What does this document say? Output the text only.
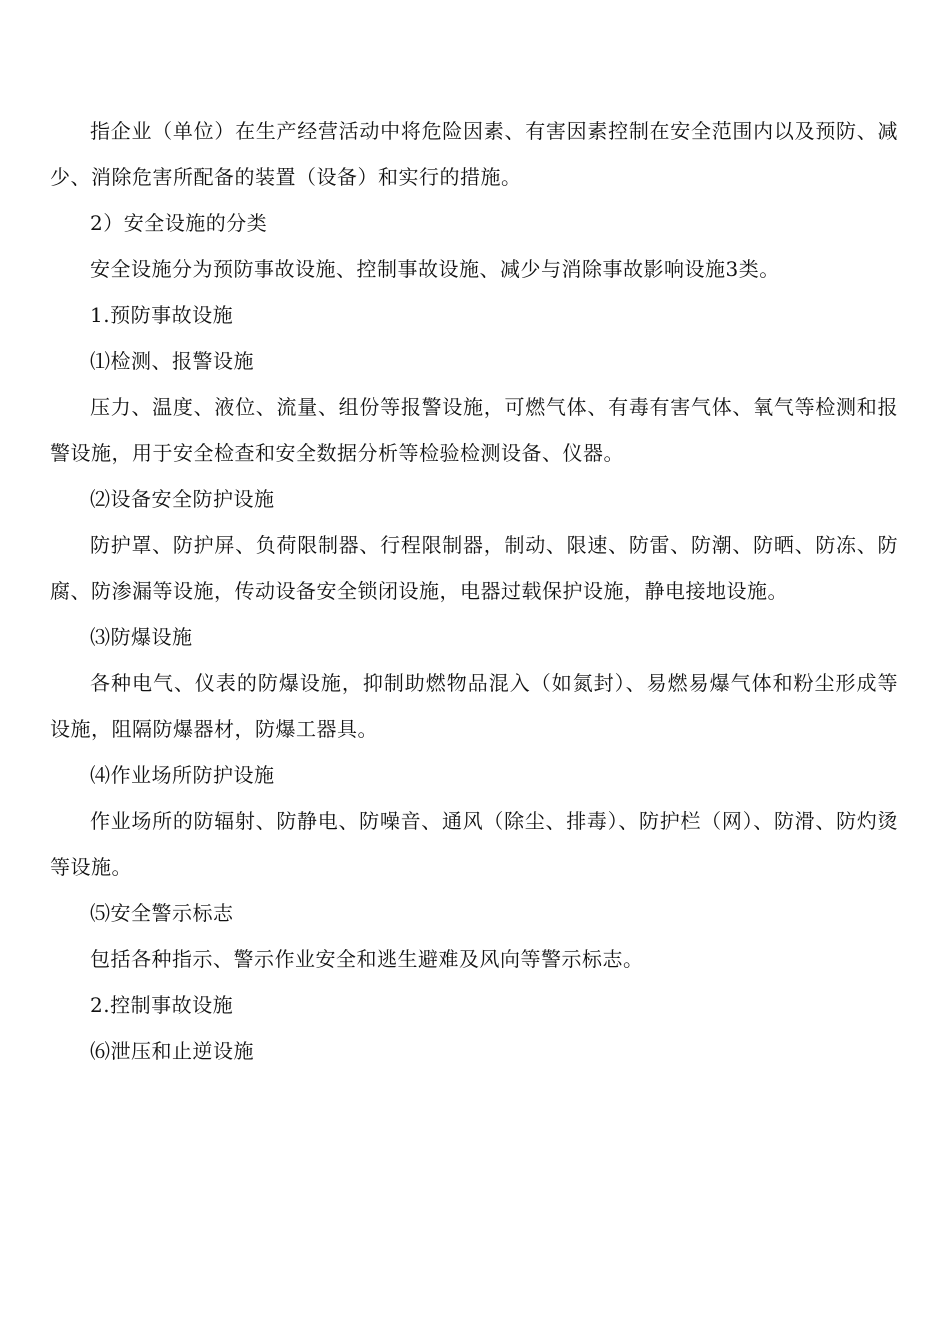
指企业（单位）在生产经营活动中将危险因素、有害因素控制在安全范围内以及预防、减少、消除危害所配备的装置（设备）和实行的措施。

2）安全设施的分类

安全设施分为预防事故设施、控制事故设施、减少与消除事故影响设施3类。

1.预防事故设施

⑴检测、报警设施

压力、温度、液位、流量、组份等报警设施，可燃气体、有毒有害气体、氧气等检测和报警设施，用于安全检查和安全数据分析等检验检测设备、仪器。

⑵设备安全防护设施

防护罩、防护屏、负荷限制器、行程限制器，制动、限速、防雷、防潮、防晒、防冻、防腐、防渗漏等设施，传动设备安全锁闭设施，电器过载保护设施，静电接地设施。

⑶防爆设施

各种电气、仪表的防爆设施，抑制助燃物品混入（如氮封）、易燃易爆气体和粉尘形成等设施，阻隔防爆器材，防爆工器具。

⑷作业场所防护设施

作业场所的防辐射、防静电、防噪音、通风（除尘、排毒）、防护栏（网）、防滑、防灼烫等设施。

⑸安全警示标志

包括各种指示、警示作业安全和逃生避难及风向等警示标志。

2.控制事故设施

⑹泄压和止逆设施
